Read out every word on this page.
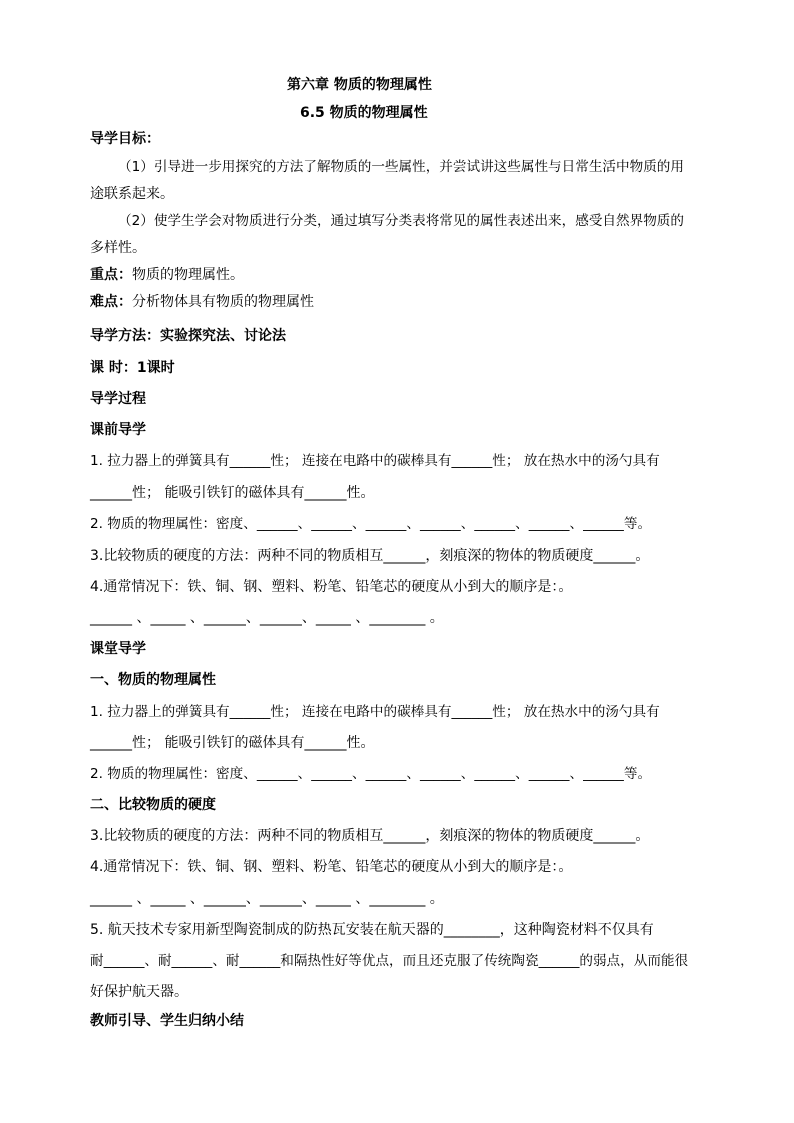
第六章 物质的物理属性
6.5 物质的物理属性
导学目标：
（1）引导进一步用探究的方法了解物质的一些属性，并尝试讲这些属性与日常生活中物质的用
途联系起来。
（2）使学生学会对物质进行分类，通过填写分类表将常见的属性表述出来，感受自然界物质的
多样性。
重点：物质的物理属性。
难点：分析物体具有物质的物理属性
导学方法：实验探究法、讨论法
课 时：1课时
导学过程
课前导学
1. 拉力器上的弹簧具有______性； 连接在电路中的碳棒具有______性； 放在热水中的汤勺具有
______性； 能吸引铁钉的磁体具有______性。
2. 物质的物理属性：密度、______、______、______、______、______、______、______等。
3.比较物质的硬度的方法：两种不同的物质相互______，刻痕深的物体的物质硬度______。
4.通常情况下：铁、铜、钢、塑料、粉笔、铅笔芯的硬度从小到大的顺序是：。
______ 、_____ 、______、______、_____ 、________ 。
课堂导学
一、物质的物理属性
1. 拉力器上的弹簧具有______性； 连接在电路中的碳棒具有______性； 放在热水中的汤勺具有
______性； 能吸引铁钉的磁体具有______性。
2. 物质的物理属性：密度、______、______、______、______、______、______、______等。
二、比较物质的硬度
3.比较物质的硬度的方法：两种不同的物质相互______，刻痕深的物体的物质硬度______。
4.通常情况下：铁、铜、钢、塑料、粉笔、铅笔芯的硬度从小到大的顺序是：。
______ 、_____ 、______、______、_____ 、________ 。
5. 航天技术专家用新型陶瓷制成的防热瓦安装在航天器的________，这种陶瓷材料不仅具有
耐______、耐______、耐______和隔热性好等优点，而且还克服了传统陶瓷______的弱点，从而能很
好保护航天器。
教师引导、学生归纳小结
